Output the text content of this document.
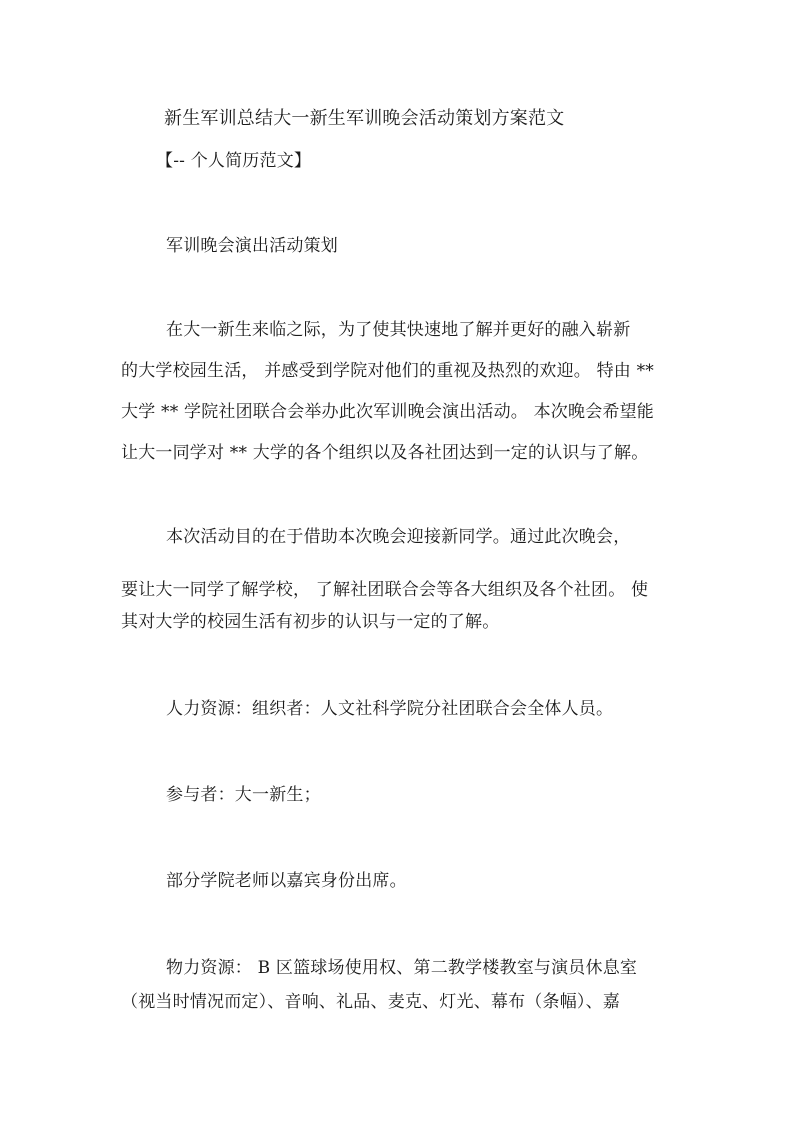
新生军训总结大一新生军训晚会活动策划方案范文
【-- 个人简历范文】
军训晚会演出活动策划
在大一新生来临之际，为了使其快速地了解并更好的融入崭新
的大学校园生活， 并感受到学院对他们的重视及热烈的欢迎。 特由 **
大学 ** 学院社团联合会举办此次军训晚会演出活动。 本次晚会希望能
让大一同学对 ** 大学的各个组织以及各社团达到一定的认识与了解。
本次活动目的在于借助本次晚会迎接新同学。通过此次晚会，
要让大一同学了解学校， 了解社团联合会等各大组织及各个社团。 使
其对大学的校园生活有初步的认识与一定的了解。
人力资源：组织者：人文社科学院分社团联合会全体人员。
参与者：大一新生；
部分学院老师以嘉宾身份出席。
物力资源： B 区篮球场使用权、第二教学楼教室与演员休息室
（视当时情况而定）、音响、礼品、麦克、灯光、幕布（条幅）、嘉
